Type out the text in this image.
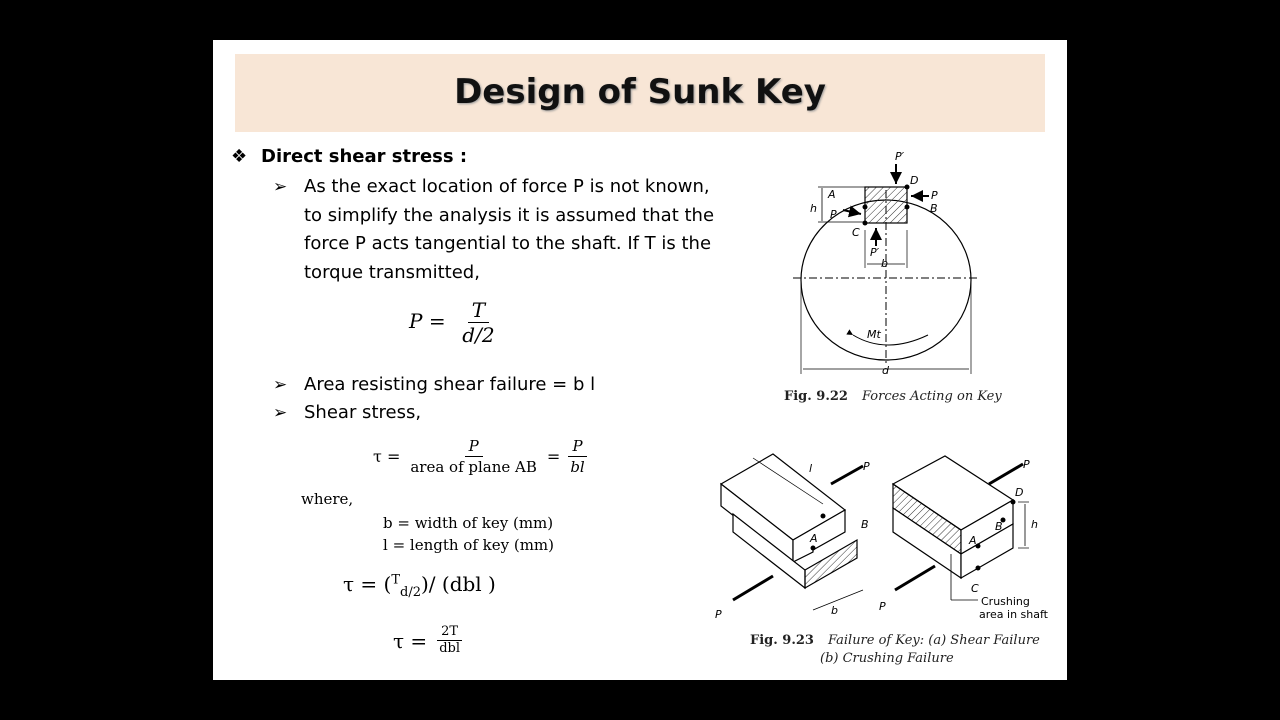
Design of Sunk Key
❖ Direct shear stress :
➢ As the exact location of force P is not known,
to simplify the analysis it is assumed that the
force P acts tangential to the shaft. If T is the
torque transmitted,
$P = \frac{T}{d/2}$
➢ Area resisting shear failure = b l
➢ Shear stress,
$\tau = \frac{P}{\text{area of plane AB}} = \frac{P}{bl}$
where,
b = width of key (mm)
l = length of key (mm)
τ = ($^T_{d/2}$)/ (dbl )
$\tau = \frac{2T}{\text{dbl}}$
P′
D
A	P
B
h P
C
P′
b
Mt
d
Fig. 9.22 Forces Acting on Key
l	P
B
A
P	b
P
D
B	h
A
P
C
Crushing
area in shaft
Fig. 9.23 Failure of Key: (a) Shear Failure
(b) Crushing Failure
